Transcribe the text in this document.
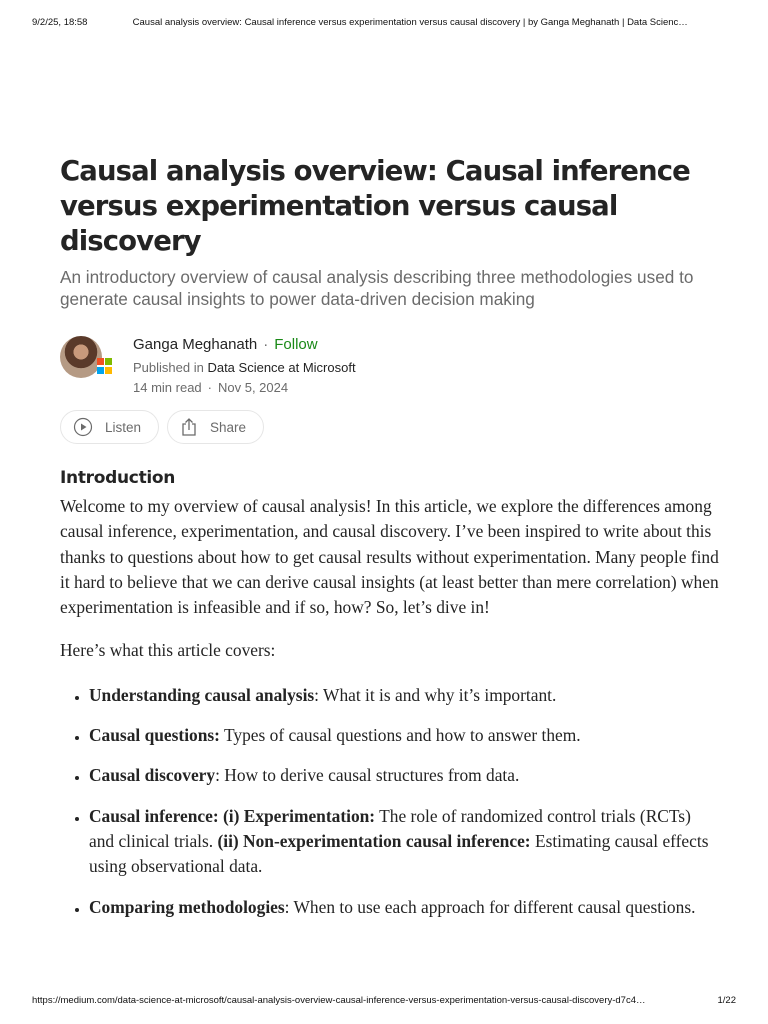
9/2/25, 18:58	Causal analysis overview: Causal inference versus experimentation versus causal discovery | by Ganga Meghanath | Data Scienc…
Causal analysis overview: Causal inference versus experimentation versus causal discovery
An introductory overview of causal analysis describing three methodologies used to generate causal insights to power data-driven decision making
Ganga Meghanath · Follow
Published in Data Science at Microsoft
14 min read · Nov 5, 2024
Listen	Share
Introduction

Welcome to my overview of causal analysis! In this article, we explore the differences among causal inference, experimentation, and causal discovery. I’ve been inspired to write about this thanks to questions about how to get causal results without experimentation. Many people find it hard to believe that we can derive causal insights (at least better than mere correlation) when experimentation is infeasible and if so, how? So, let’s dive in!

Here’s what this article covers:

• Understanding causal analysis: What it is and why it’s important.
• Causal questions: Types of causal questions and how to answer them.
• Causal discovery: How to derive causal structures from data.
• Causal inference: (i) Experimentation: The role of randomized control trials (RCTs) and clinical trials. (ii) Non-experimentation causal inference: Estimating causal effects using observational data.
• Comparing methodologies: When to use each approach for different causal questions.
https://medium.com/data-science-at-microsoft/causal-analysis-overview-causal-inference-versus-experimentation-versus-causal-discovery-d7c4…	1/22
